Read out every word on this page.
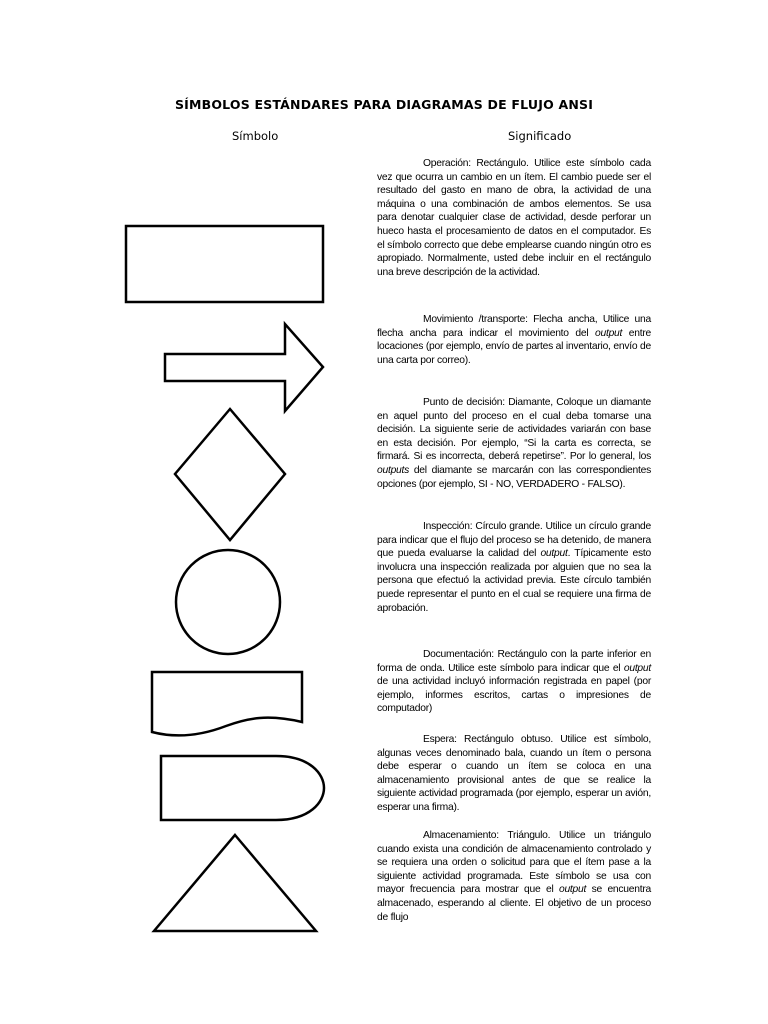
SÍMBOLOS ESTÁNDARES PARA DIAGRAMAS DE FLUJO ANSI
Símbolo	Significado

Operación: Rectángulo. Utilice este símbolo cada vez que ocurra un cambio en un ítem. El cambio puede ser el resultado del gasto en mano de obra, la actividad de una máquina o una combinación de ambos elementos. Se usa para denotar cualquier clase de actividad, desde perforar un hueco hasta el procesamiento de datos en el computador. Es el símbolo correcto que debe emplearse cuando ningún otro es apropiado. Normalmente, usted debe incluir en el rectángulo una breve descripción de la actividad.

Movimiento /transporte: Flecha ancha, Utilice una flecha ancha para indicar el movimiento del output entre locaciones (por ejemplo, envío de partes al inventario, envío de una carta por correo).

Punto de decisión: Diamante, Coloque un diamante en aquel punto del proceso en el cual deba tomarse una decisión. La siguiente serie de actividades variarán con base en esta decisión. Por ejemplo, “Si la carta es correcta, se firmará. Si es incorrecta, deberá repetirse”. Por lo general, los outputs del diamante se marcarán con las correspondientes opciones (por ejemplo, SI - NO, VERDADERO - FALSO).

Inspección: Círculo grande. Utilice un círculo grande para indicar que el flujo del proceso se ha detenido, de manera que pueda evaluarse la calidad del output. Típicamente esto involucra una inspección realizada por alguien que no sea la persona que efectuó la actividad previa. Este círculo también puede representar el punto en el cual se requiere una firma de aprobación.

Documentación: Rectángulo con la parte inferior en forma de onda. Utilice este símbolo para indicar que el output de una actividad incluyó información registrada en papel (por ejemplo, informes escritos, cartas o impresiones de computador)

Espera: Rectángulo obtuso. Utilice est símbolo, algunas veces denominado bala, cuando un ítem o persona debe esperar o cuando un ítem se coloca en una almacenamiento provisional antes de que se realice la siguiente actividad programada (por ejemplo, esperar un avión, esperar una firma).

Almacenamiento: Triángulo. Utilice un triángulo cuando exista una condición de almacenamiento controlado y se requiera una orden o solicitud para que el ítem pase a la siguiente actividad programada. Este símbolo se usa con mayor frecuencia para mostrar que el output se encuentra almacenado, esperando al cliente. El objetivo de un proceso de flujo
